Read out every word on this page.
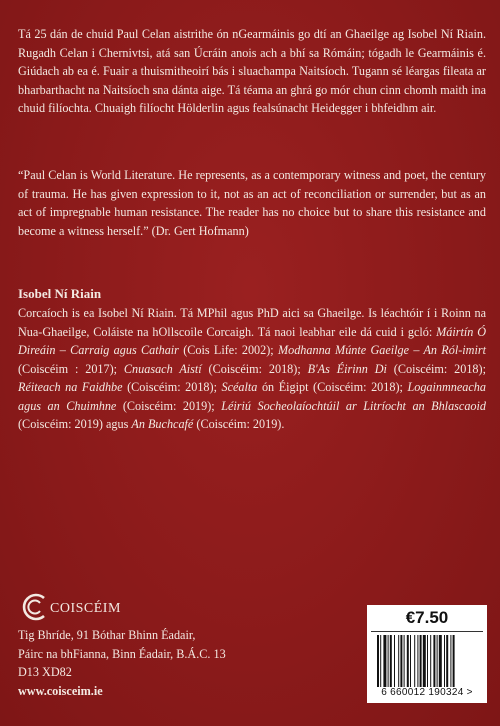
Tá 25 dán de chuid Paul Celan aistrithe ón nGearmáinis go dtí an Ghaeilge ag Isobel Ní Riain. Rugadh Celan i Chernivtsi, atá san Úcráin anois ach a bhí sa Rómáin; tógadh le Gearmáinis é. Giúdach ab ea é. Fuair a thuismitheoirí bás i sluachampa Naitsíoch. Tugann sé léargas fileata ar bharbarthacht na Naitsíoch sna dánta aige. Tá téama an ghrá go mór chun cinn chomh maith ina chuid filíochta. Chuaigh filíocht Hölderlin agus fealsúnacht Heidegger i bhfeidhm air.

“Paul Celan is World Literature. He represents, as a contemporary witness and poet, the century of trauma. He has given expression to it, not as an act of reconciliation or surrender, but as an act of impregnable human resistance. The reader has no choice but to share this resistance and become a witness herself.” (Dr. Gert Hofmann)

Isobel Ní Riain

Corcaíoch is ea Isobel Ní Riain. Tá MPhil agus PhD aici sa Ghaeilge. Is léachtóir í i Roinn na Nua-Ghaeilge, Coláiste na hOllscoile Corcaigh. Tá naoi leabhar eile dá cuid i gcló: Máirtín Ó Direáin – Carraig agus Cathair (Cois Life: 2002); Modhanna Múnte Gaeilge – An Ról-imirt (Coiscéim : 2017); Cnuasach Aistí (Coiscéim: 2018); B'As Éirinn Di (Coiscéim: 2018); Réiteach na Faidhbe (Coiscéim: 2018); Scéalta ón Éigipt (Coiscéim: 2018); Logainmneacha agus an Chuimhne (Coiscéim: 2019); Léiriú Socheolaíochtúil ar Litríocht an Bhlascaoid (Coiscéim: 2019) agus An Buchcafé (Coiscéim: 2019).

COISCÉIM
Tig Bhríde, 91 Bóthar Bhinn Éadair,
Páirc na bhFianna, Binn Éadair, B.Á.C. 13
D13 XD82
www.coisceim.ie
€7.50
6 660012 190324 >
